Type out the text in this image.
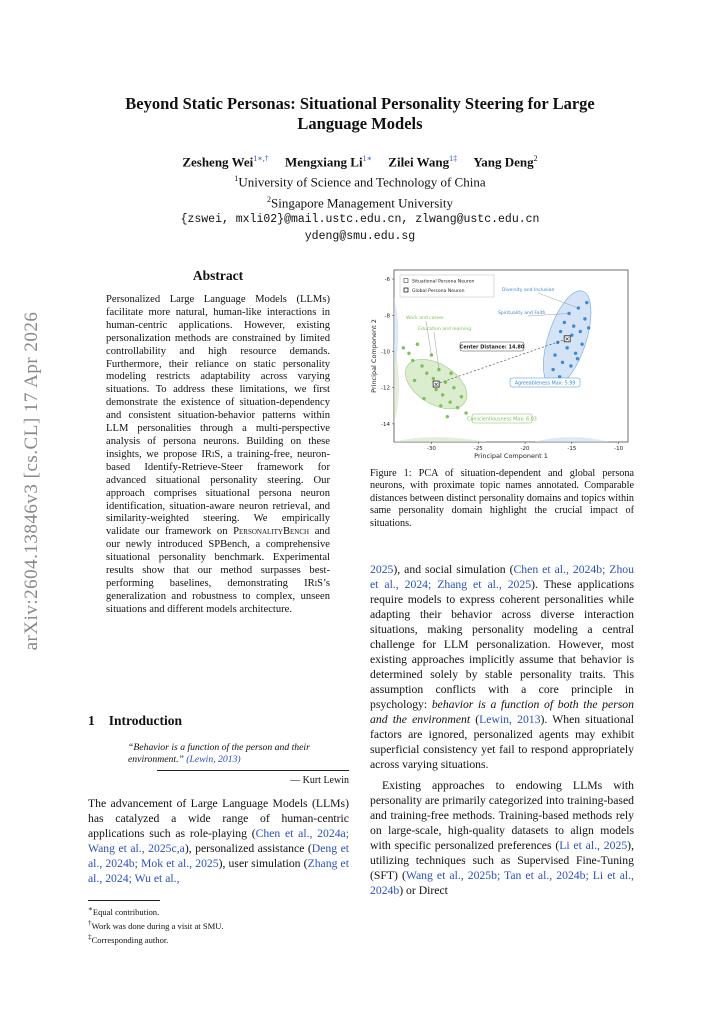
arXiv:2604.13846v3 [cs.CL] 17 Apr 2026
Beyond Static Personas: Situational Personality Steering for Large Language Models
Zesheng Wei$^{1∗,\dagger}$ Mengxiang $Li^{1∗}$ Zilei Wang$^{1\ddagger}$ Yang Deng$^2$
$^1$University of Science and Technology of China
$^2$Singapore Management University
{zswei, mxli02}@mail.ustc.edu.cn, zlwang@ustc.edu.cn
ydeng@smu.edu.sg
Abstract
Personalized Large Language Models (LLMs) facilitate more natural, human-like interactions in human-centric applications. However, existing personalization methods are constrained by limited controllability and high resource demands. Furthermore, their reliance on static personality modeling restricts adaptability across varying situations. To address these limitations, we first demonstrate the existence of situation-dependency and consistent situation-behavior patterns within LLM personalities through a multi-perspective analysis of persona neurons. Building on these insights, we propose IRiS, a training-free, neuron-based Identify-Retrieve-Steer framework for advanced situational personality steering. Our approach comprises situational persona neuron identification, situation-aware neuron retrieval, and similarity-weighted steering. We empirically validate our framework on PersonalityBench and our newly introduced SPBench, a comprehensive situational personality benchmark. Experimental results show that our method surpasses best-performing baselines, demonstrating IRiS’s generalization and robustness to complex, unseen situations and different models architecture.
1 Introduction
“Behavior is a function of the person and their environment.” (Lewin, 2013)
— Kurt Lewin
The advancement of Large Language Models (LLMs) has catalyzed a wide range of human-centric applications such as role-playing (Chen et al., 2024a; Wang et al., 2025c,a), personalized assistance (Deng et al., 2024b; Mok et al., 2025), user simulation (Zhang et al., 2024; Wu et al.,
∗Equal contribution.
†Work was done during a visit at SMU.
‡Corresponding author.
✕
✕
-30	-25	-20	-15	-10
-6
-8
-10
-12
-14
Principal Component 1
Principal Component 2
Situational Persona Neuron
Global Persona Neuron
Work and career
Education and learning
Diversity and Inclusion
Spirituality and Faith
Center Distance: 14.80
Agreeableness Max: 5.99
Conscientiousness Max: 6.03
Figure 1: PCA of situation-dependent and global persona neurons, with proximate topic names annotated. Comparable distances between distinct personality domains and topics within same personality domain highlight the crucial impact of situations.

2025), and social simulation (Chen et al., 2024b; Zhou et al., 2024; Zhang et al., 2025). These applications require models to express coherent personalities while adapting their behavior across diverse interaction situations, making personality modeling a central challenge for LLM personalization. However, most existing approaches implicitly assume that behavior is determined solely by stable personality traits. This assumption conflicts with a core principle in psychology: behavior is a function of both the person and the environment (Lewin, 2013). When situational factors are ignored, personalized agents may exhibit superficial consistency yet fail to respond appropriately across varying situations.

Existing approaches to endowing LLMs with personality are primarily categorized into training-based and training-free methods. Training-based methods rely on large-scale, high-quality datasets to align models with specific personalized preferences (Li et al., 2025), utilizing techniques such as Supervised Fine-Tuning (SFT) (Wang et al., 2025b; Tan et al., 2024b; Li et al., 2024b) or Direct
